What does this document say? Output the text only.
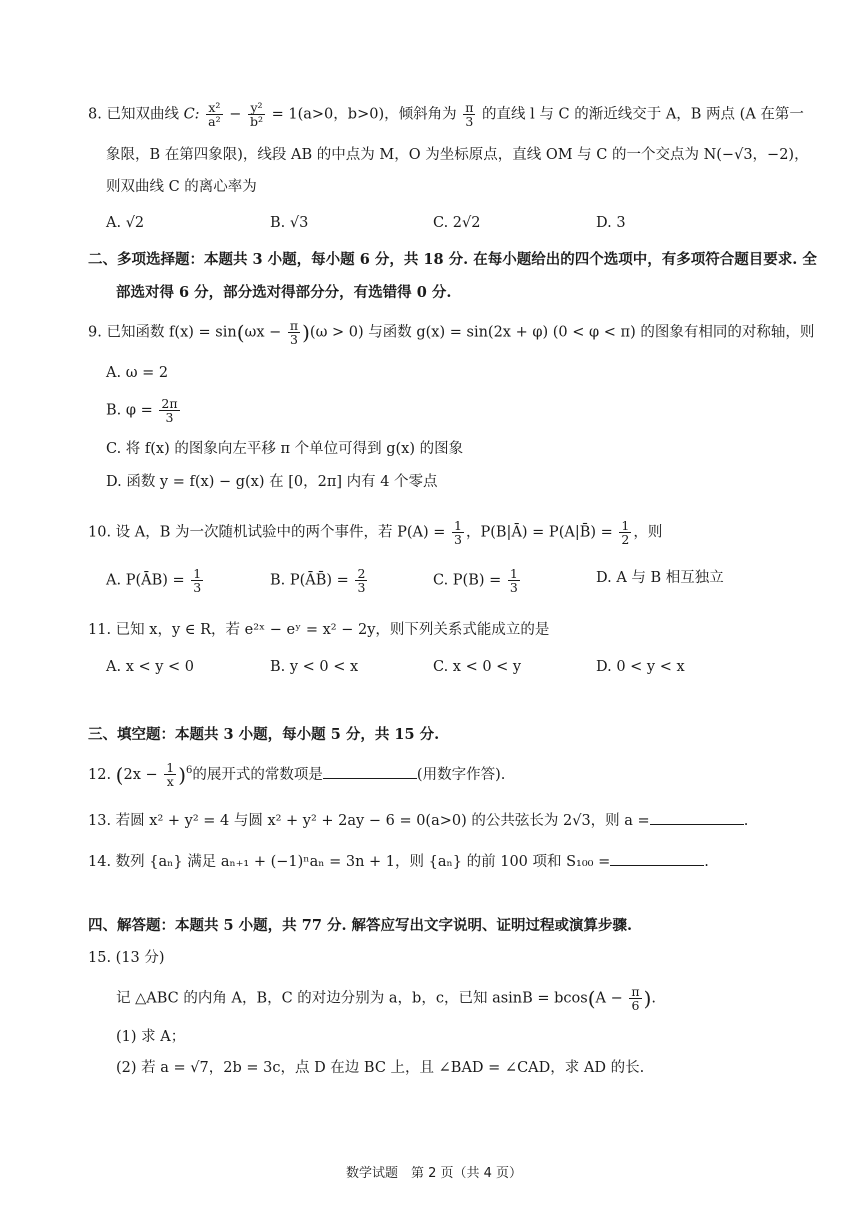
8. 已知双曲线 C: $\frac{\text{x²}}{\text{a²}} - \frac{\text{y²}}{\text{b²}} = 1(a>0$，b>0)，倾斜角为 $\frac{\pi}{3}$ 的直线 l 与 C 的渐近线交于 A，B 两点 (A 在第一
象限，B 在第四象限)，线段 AB 的中点为 M，O 为坐标原点，直线 OM 与 C 的一个交点为 N(−√3，−2)，
则双曲线 C 的离心率为
A. √2	B. √3	C. 2√2	D. 3
二、多项选择题：本题共 3 小题，每小题 6 分，共 18 分. 在每小题给出的四个选项中，有多项符合题目要求. 全
部选对得 6 分，部分选对得部分分，有选错得 0 分.
9. 已知函数 $f(x) = \sin(\omega x - \frac{\pi}{3} )(\omega > 0)$ 与函数 g(x) = sin(2x + φ) (0 < φ < π) 的图象有相同的对称轴，则
A. ω = 2
B. $\varphi = \frac{2\pi}{3}$
C. 将 f(x) 的图象向左平移 π 个单位可得到 g(x) 的图象
D. 函数 y = f(x) − g(x) 在 [0，2π] 内有 4 个零点
10. 设 A，B 为一次随机试验中的两个事件，若 $P(A) = \frac{1}{3}$ ，P(B|Ā) = P(A|B̄) = $\frac{1}{2}$ ，则
A. P(ĀB) = $\frac{1}{3}$	B. P(ĀB̄) = $\frac{2}{3}$	C. $P(B) = \frac{1}{3}$	D. A 与 B 相互独立
11. 已知 x，y ∈ R，若 e²ˣ − eʸ = x² − 2y，则下列关系式能成立的是
A. x < y < 0	B. y < 0 < x	C. x < 0 < y	D. 0 < y < x
三、填空题：本题共 3 小题，每小题 5 分，共 15 分.
12. $(2x - \frac{1}{x} )^6$的展开式的常数项是	(用数字作答).
13. 若圆 x² + y² = 4 与圆 x² + y² + 2ay − 6 = 0(a>0) 的公共弦长为 2√3，则 a =	.
14. 数列 {aₙ} 满足 aₙ₊₁ + (−1)ⁿaₙ = 3n + 1，则 {aₙ} 的前 100 项和 S₁₀₀ =	.
四、解答题：本题共 5 小题，共 77 分. 解答应写出文字说明、证明过程或演算步骤.
15. (13 分)
记 △ABC 的内角 A，B，C 的对边分别为 a，b，c，已知 $asinB = bcos(A - \frac{\pi}{6}$ ).
(1) 求 A；
(2) 若 a = √7，2b = 3c，点 D 在边 BC 上，且 ∠BAD = ∠CAD，求 AD 的长.
数学试题　第 2 页（共 4 页）
